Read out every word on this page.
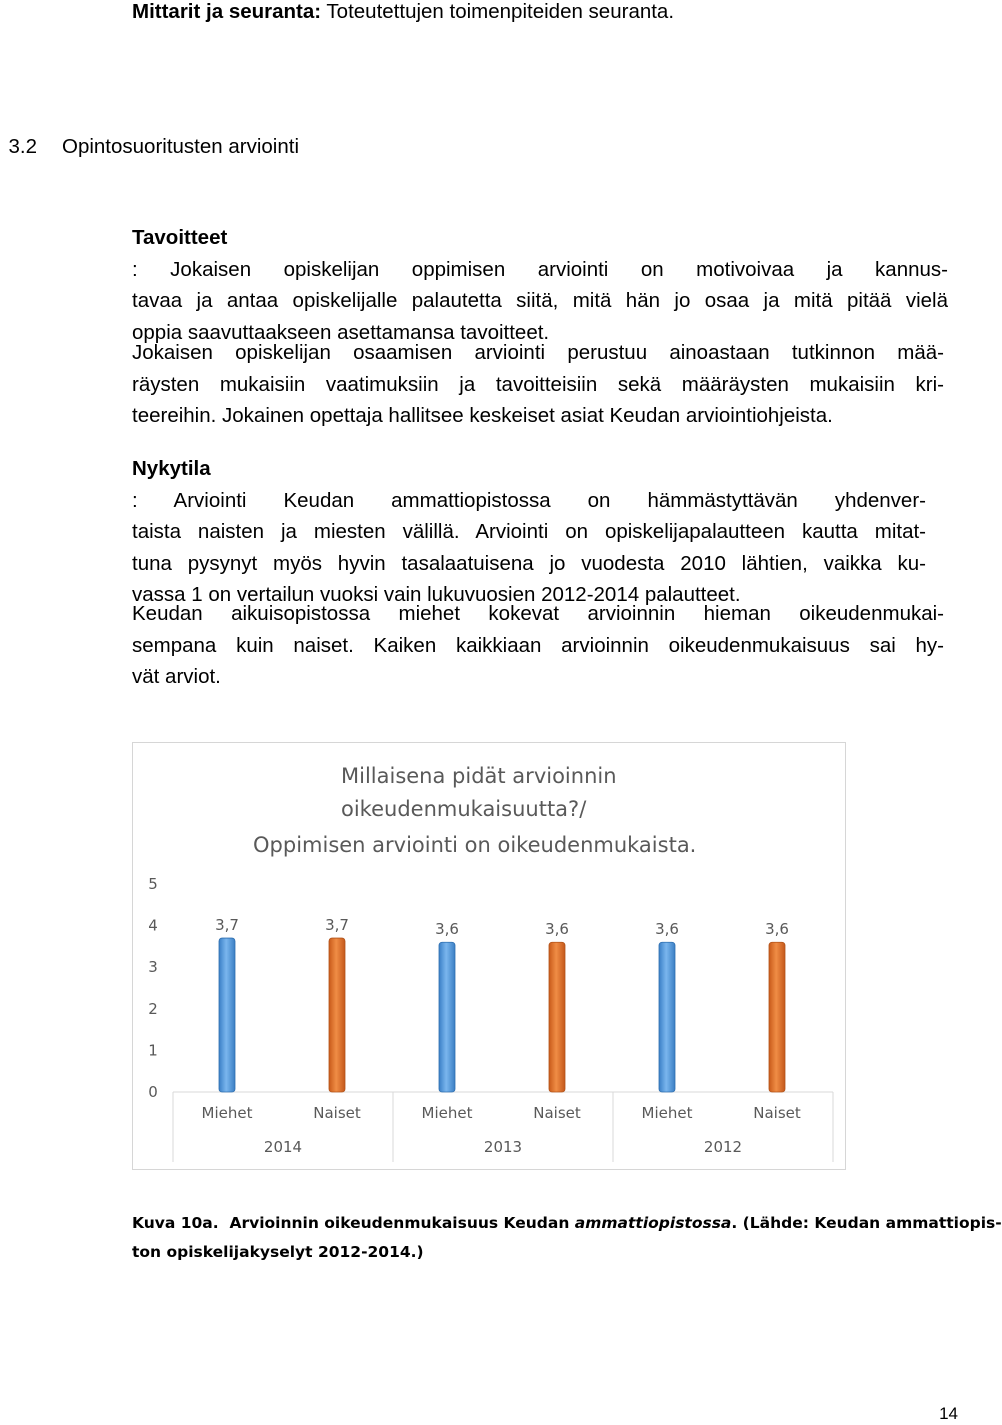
Mittarit ja seuranta: Toteutettujen toimenpiteiden seuranta.
3.2 Opintosuoritusten arviointi
Tavoitteet
: Jokaisen opiskelijan oppimisen arviointi on motivoivaa ja kannus-
tavaa ja antaa opiskelijalle palautetta siitä, mitä hän jo osaa ja mitä pitää vielä
oppia saavuttaakseen asettamansa tavoitteet.
Jokaisen opiskelijan osaamisen arviointi perustuu ainoastaan tutkinnon mää-
räysten mukaisiin vaatimuksiin ja tavoitteisiin sekä määräysten mukaisiin kri-
teereihin. Jokainen opettaja hallitsee keskeiset asiat Keudan arviointiohjeista.
Nykytila
: Arviointi Keudan ammattiopistossa on hämmästyttävän yhdenver-
taista naisten ja miesten välillä. Arviointi on opiskelijapalautteen kautta mitat-
tuna pysynyt myös hyvin tasalaatuisena jo vuodesta 2010 lähtien, vaikka ku-
vassa 1 on vertailun vuoksi vain lukuvuosien 2012-2014 palautteet.
Keudan aikuisopistossa miehet kokevat arvioinnin hieman oikeudenmukai-
sempana kuin naiset. Kaiken kaikkiaan arvioinnin oikeudenmukaisuus sai hy-
vät arviot.
Millaisena pidät arvioinnin
oikeudenmukaisuutta?/
Oppimisen arviointi on oikeudenmukaista.
0
1
2
3
4
5
3,7	3,7	3,6	3,6	3,6	3,6
Miehet	Naiset	Miehet	Naiset	Miehet	Naiset
2014	2013	2012
Kuva 10a.  Arvioinnin oikeudenmukaisuus Keudan ammattiopistossa. (Lähde: Keudan ammattiopis-
ton opiskelijakyselyt 2012-2014.)
14
